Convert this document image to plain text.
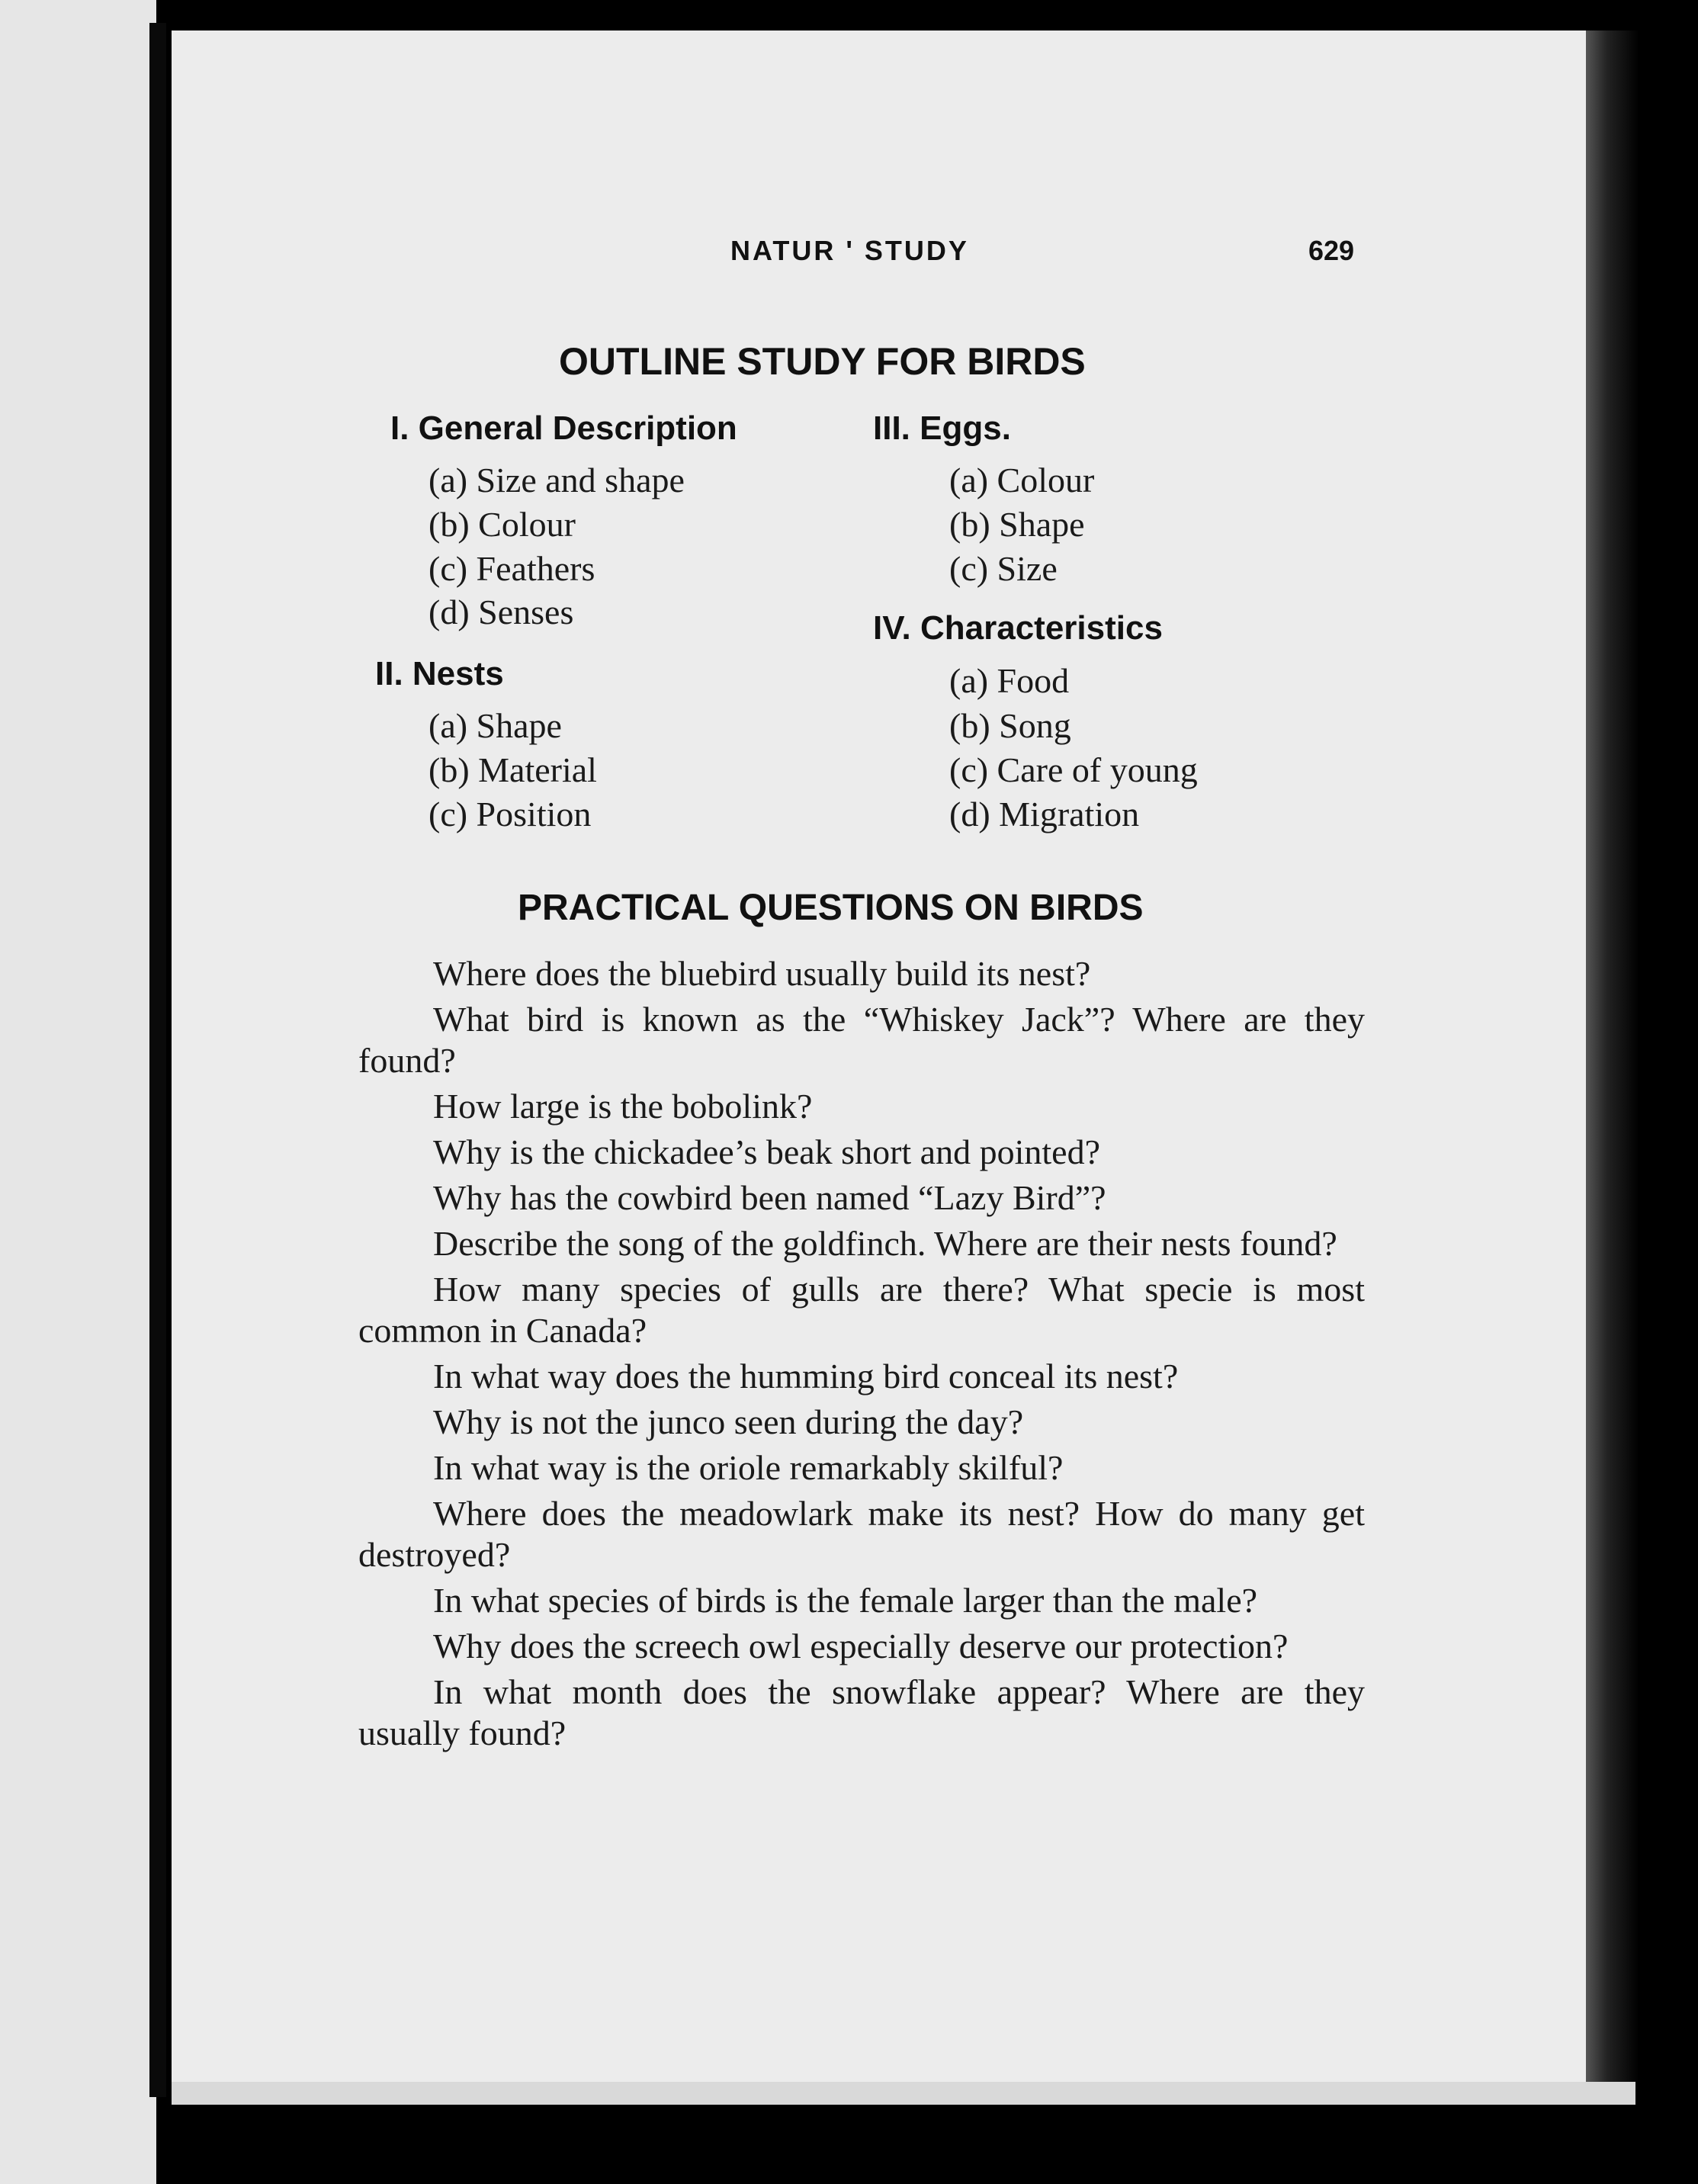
NATUR ' STUDY	629
OUTLINE STUDY FOR BIRDS
I. General Description
(a) Size and shape
(b) Colour
(c) Feathers
(d) Senses
II. Nests
(a) Shape
(b) Material
(c) Position
III. Eggs.
(a) Colour
(b) Shape
(c) Size
IV. Characteristics
(a) Food
(b) Song
(c) Care of young
(d) Migration
PRACTICAL QUESTIONS ON BIRDS

Where does the bluebird usually build its nest?

What bird is known as the “Whiskey Jack”? Where are they found?

How large is the bobolink?

Why is the chickadee’s beak short and pointed?

Why has the cowbird been named “Lazy Bird”?

Describe the song of the goldfinch. Where are their nests found?

How many species of gulls are there? What specie is most common in Canada?

In what way does the humming bird conceal its nest?

Why is not the junco seen during the day?

In what way is the oriole remarkably skilful?

Where does the meadowlark make its nest? How do many get destroyed?

In what species of birds is the female larger than the male?

Why does the screech owl especially deserve our protection?

In what month does the snowflake appear? Where are they usually found?
